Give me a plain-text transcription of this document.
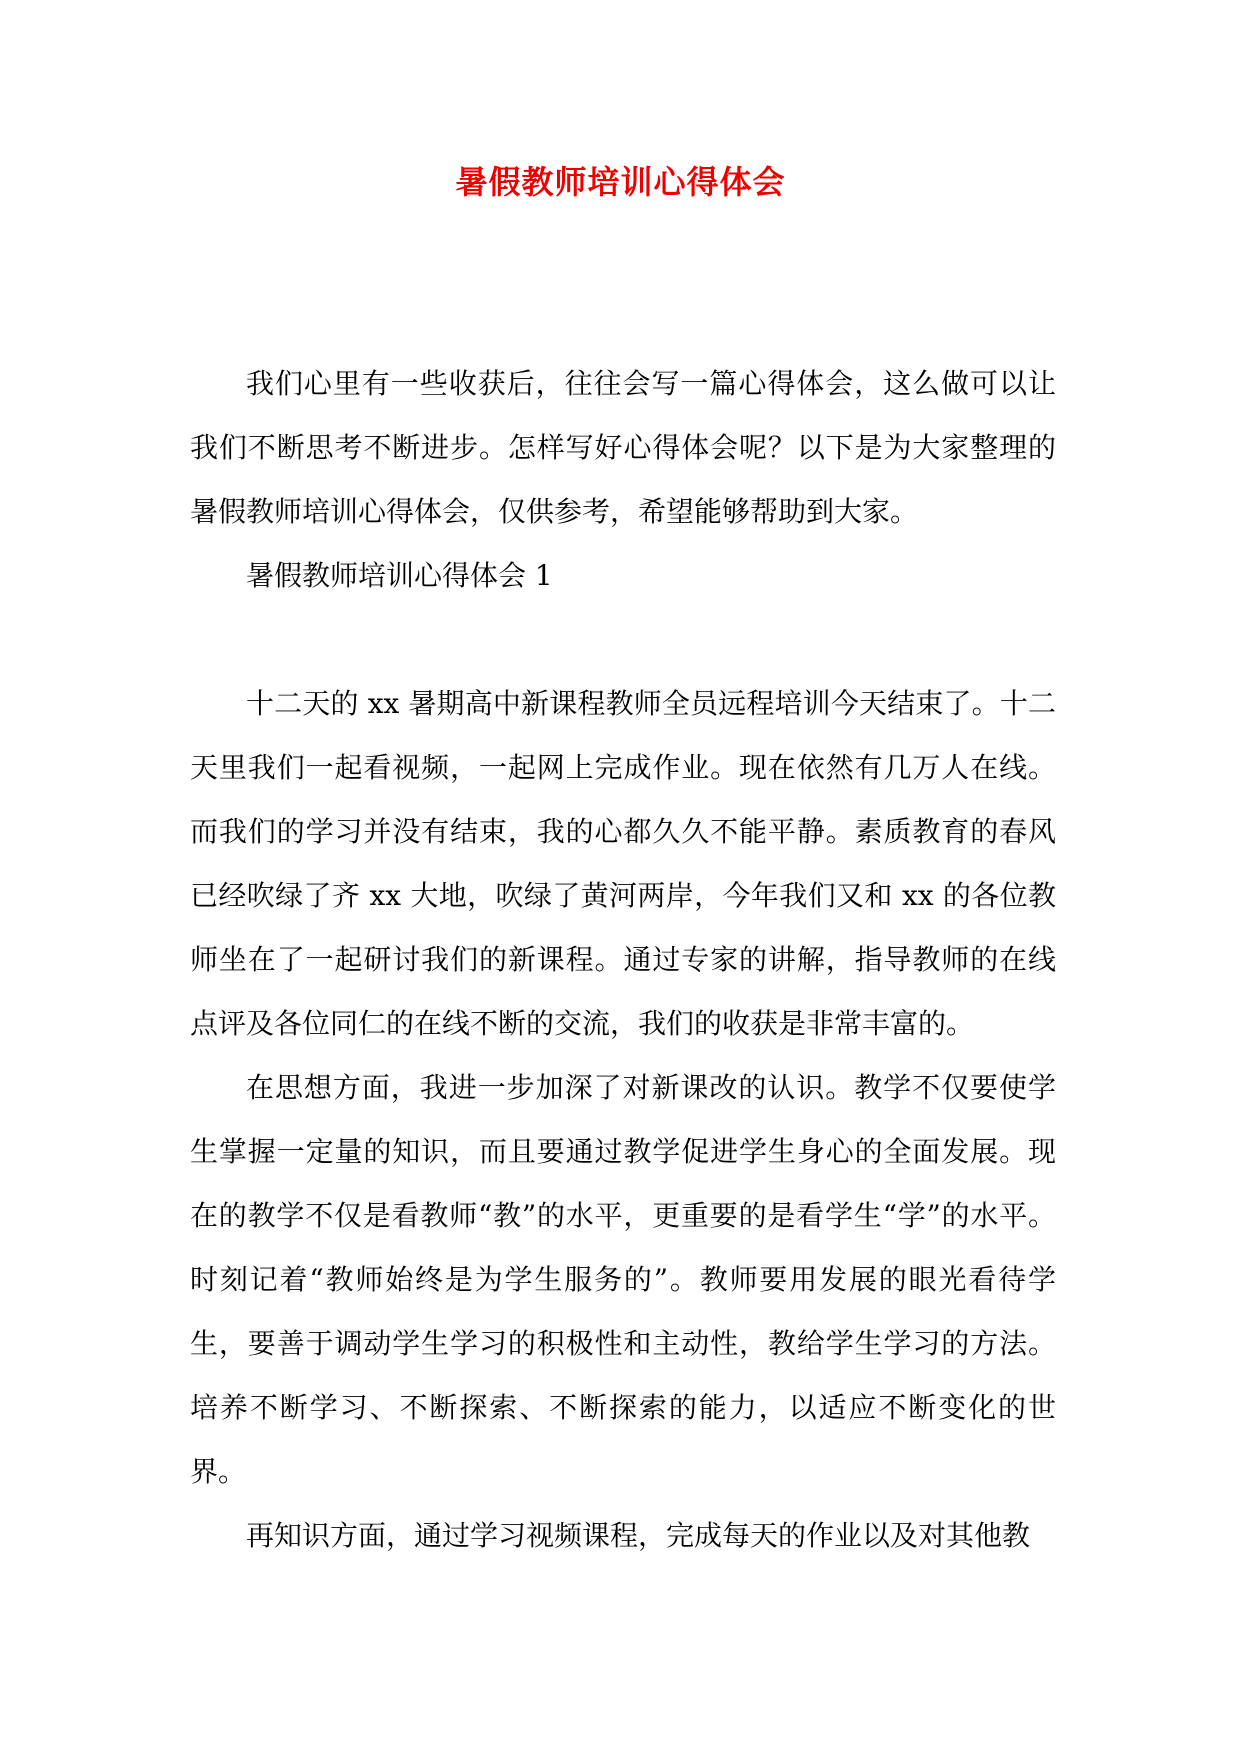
暑假教师培训心得体会

我们心里有一些收获后，往往会写一篇心得体会，这么做可以让我们不断思考不断进步。怎样写好心得体会呢？以下是为大家整理的暑假教师培训心得体会，仅供参考，希望能够帮助到大家。

暑假教师培训心得体会 1

十二天的 xx 暑期高中新课程教师全员远程培训今天结束了。十二天里我们一起看视频，一起网上完成作业。现在依然有几万人在线。而我们的学习并没有结束，我的心都久久不能平静。素质教育的春风已经吹绿了齐 xx 大地，吹绿了黄河两岸，今年我们又和 xx 的各位教师坐在了一起研讨我们的新课程。通过专家的讲解，指导教师的在线点评及各位同仁的在线不断的交流，我们的收获是非常丰富的。

在思想方面，我进一步加深了对新课改的认识。教学不仅要使学生掌握一定量的知识，而且要通过教学促进学生身心的全面发展。现在的教学不仅是看教师“教”的水平，更重要的是看学生“学”的水平。时刻记着“教师始终是为学生服务的”。教师要用发展的眼光看待学生，要善于调动学生学习的积极性和主动性，教给学生学习的方法。培养不断学习、不断探索、不断探索的能力，以适应不断变化的世界。

再知识方面，通过学习视频课程，完成每天的作业以及对其他教
